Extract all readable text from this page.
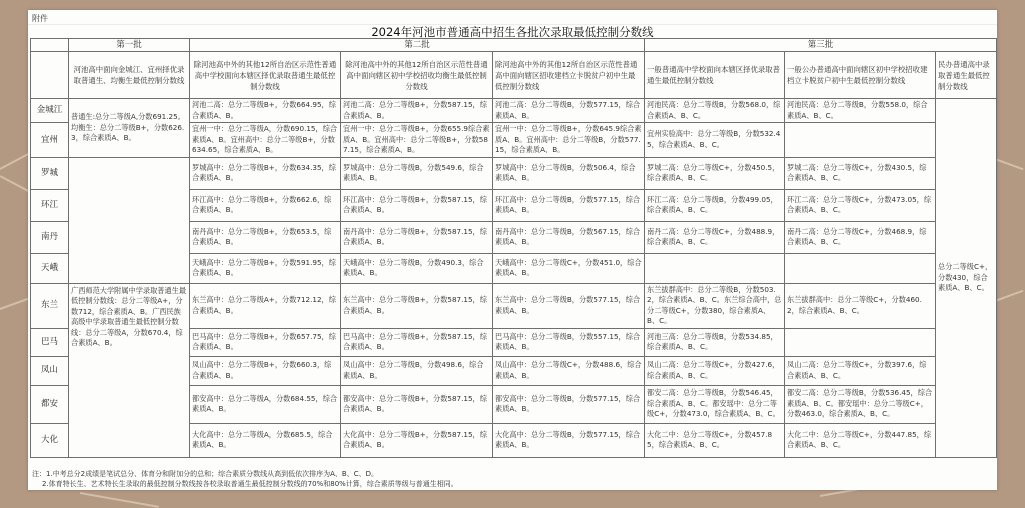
附件
2024年河池市普通高中招生各批次录取最低控制分数线
	第一批	第二批			第三批		
	河池高中面向金城江、宜州择优录取普通生、均衡生最低控制分数线	除河池高中外的其他12所自治区示范性普通高中学校面向本辖区择优录取普通生最低控制分数线	除河池高中外的其他12所自治区示范性普通高中面向辖区初中学校招收均衡生最低控制分数线	除河池高中外的其他12所自治区示范性普通高中面向辖区招收建档立卡脱贫户初中生最低控制分数线	一般普通高中学校面向本辖区择优录取普通生最低控制分数线	一般公办普通高中面向辖区初中学校招收建档立卡脱贫户初中生最低控制分数线	民办普通高中录取普通生最低控制分数线
金城江	普通生:总分二等级A,分数691.25。均衡生：总分二等级B+，分数626.3，综合素质A、B。	河池二高：总分二等级B+，分数664.95，综合素质A、B。	河池二高：总分二等级B+，分数587.15，综合素质A、B。	河池二高：总分二等级B，分数577.15，综合素质A、B。	河池民高：总分二等级B，分数568.0，综合素质A、B、C。	河池民高：总分二等级B，分数558.0，综合素质A、B、C。	总分二等级C+，分数430，综合素质A、B、C。
宜州		宜州一中：总分二等级A，分数690.15，综合素质A、B。宜州高中：总分二等级B+，分数634.65，综合素质A、B。	宜州一中：总分二等级B+，分数655.9综合素质A、B。宜州高中：总分二等级B+，分数587.15，综合素质A、B。	宜州一中：总分二等级B+，分数645.9综合素质A、B。宜州高中：总分二等级B，分数577.15，综合素质A、B。	宜州实验高中：总分二等级B，分数532.45，综合素质A、B、C。		
罗城		罗城高中：总分二等级B+，分数634.35，综合素质A、B。	罗城高中：总分二等级B，分数549.6，综合素质A、B。	罗城高中：总分二等级B，分数506.4，综合素质A、B。	罗城二高：总分二等级C+，分数450.5，综合素质A、B、C。	罗城二高：总分二等级C+，分数430.5，综合素质A、B、C。	
环江		环江高中：总分二等级B+，分数662.6，综合素质A、B。	环江高中：总分二等级B+，分数587.15，综合素质A、B。	环江高中：总分二等级B，分数577.15，综合素质A、B。	环江二高：总分二等级B，分数499.05，综合素质A、B、C。	环江二高：总分二等级C+，分数473.05，综合素质A、B、C。	
南丹		南丹高中：总分二等级B+，分数653.5，综合素质A、B。	南丹高中：总分二等级B+，分数587.15，综合素质A、B。	南丹高中：总分二等级B，分数567.15，综合素质A、B。	南丹二高：总分二等级C+，分数488.9，综合素质A、B、C。	南丹二高：总分二等级C+，分数468.9，综合素质A、B、C。	
天峨		天峨高中：总分二等级B+，分数591.95，综合素质A、B。	天峨高中：总分二等级B，分数490.3，综合素质A、B。	天峨高中：总分二等级C+，分数451.0，综合素质A、B。			
东兰	广西师范大学附属中学录取普通生最低控制分数线：总分二等级A+，分数712，综合素质A、B。广西民族高级中学录取普通生最低控制分数线：总分二等级A，分数670.4，综合素质A、B。	东兰高中：总分二等级A+，分数712.12，综合素质A、B。	东兰高中：总分二等级B+，分数587.15，综合素质A、B。	东兰高中：总分二等级B，分数577.15，综合素质A、B。	东兰拔群高中：总分二等级B，分数503.2，综合素质A、B、C。东兰综合高中，总分二等级C+，分数380，综合素质A、B、C。	东兰拔群高中：总分二等级C+，分数460.2，综合素质A、B、C。	
巴马		巴马高中：总分二等级B+，分数657.75，综合素质A、B。	巴马高中：总分二等级B+，分数587.15，综合素质A、B。	巴马高中：总分二等级B，分数557.15，综合素质A、B。	河池三高：总分二等级B，分数534.85，综合素质A、B、C。		
凤山		凤山高中：总分二等级B+，分数660.3，综合素质A、B。	凤山高中：总分二等级B，分数498.6，综合素质A、B。	凤山高中：总分二等级C+，分数488.6，综合素质A、B。	凤山二高：总分二等级C+，分数427.6，综合素质A、B、C。	凤山二高：总分二等级C+，分数397.6，综合素质A、B、C。	
都安		都安高中：总分二等级A，分数684.55，综合素质A、B。	都安高中：总分二等级B+，分数587.15，综合素质A、B。	都安高中：总分二等级B，分数577.15，综合素质A、B。	都安二高：总分二等级B，分数546.45，综合素质A、B、C。都安瑶中：总分二等级C+，分数473.0，综合素质A、B、C。	都安二高：总分二等级B，分数536.45，综合素质A、B、C。都安瑶中：总分二等级C+，分数463.0，综合素质A、B、C。	
大化		大化高中：总分二等级A，分数685.5，综合素质A、B。	大化高中：总分二等级B+，分数587.15，综合素质A、B。	大化高中：总分二等级B，分数577.15，综合素质A、B。	大化二中：总分二等级C+，分数457.85，综合素质A、B、C。	大化二中：总分二等级C+，分数447.85，综合素质A、B、C。	
注：1.中考总分2成绩是笔试总分、体育分和附加分的总和；综合素质分数线从高到低依次排序为A、B、C、D。
2.体育特长生、艺术特长生录取的最低控制分数线按各校录取普通生最低控制分数线的70%和80%计算，综合素质等级与普通生相同。
